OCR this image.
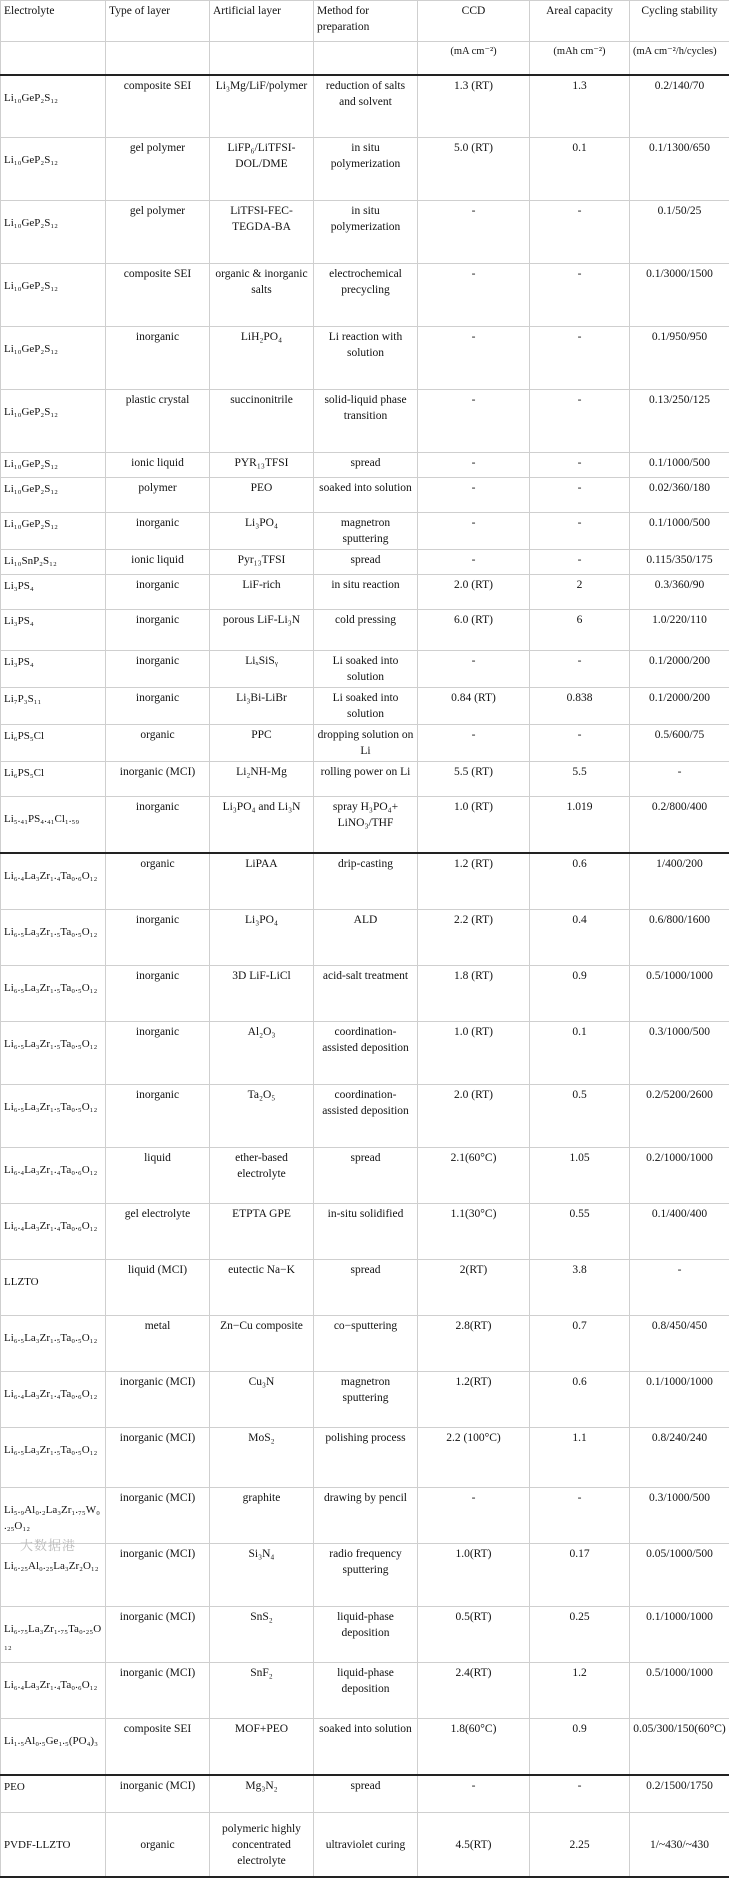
Electrolyte	Type of layer	Artificial layer	Method for preparation	CCD	Areal capacity	Cycling stability
				(mA cm⁻²)	(mAh cm⁻²)	(mA cm⁻²/h/cycles)
Li₁₀GeP₂S₁₂	composite SEI	Li₃Mg/LiF/polymer	reduction of salts and solvent	1.3 (RT)	1.3	0.2/140/70
Li₁₀GeP₂S₁₂	gel polymer	LiFP₆/LiTFSI-DOL/DME	in situ polymerization	5.0 (RT)	0.1	0.1/1300/650
Li₁₀GeP₂S₁₂	gel polymer	LiTFSI-FEC-TEGDA-BA	in situ polymerization	-	-	0.1/50/25
Li₁₀GeP₂S₁₂	composite SEI	organic & inorganic salts	electrochemical precycling	-	-	0.1/3000/1500
Li₁₀GeP₂S₁₂	inorganic	LiH₂PO₄	Li reaction with solution	-	-	0.1/950/950
Li₁₀GeP₂S₁₂	plastic crystal	succinonitrile	solid-liquid phase transition	-	-	0.13/250/125
Li₁₀GeP₂S₁₂	ionic liquid	PYR₁₃TFSI	spread	-	-	0.1/1000/500
Li₁₀GeP₂S₁₂	polymer	PEO	soaked into solution	-	-	0.02/360/180
Li₁₀GeP₂S₁₂	inorganic	Li₃PO₄	magnetron sputtering	-	-	0.1/1000/500
Li₁₀SnP₂S₁₂	ionic liquid	Pyr₁₃TFSI	spread	-	-	0.115/350/175
Li₃PS₄	inorganic	LiF-rich	in situ reaction	2.0 (RT)	2	0.3/360/90
Li₃PS₄	inorganic	porous LiF-Li₃N	cold pressing	6.0 (RT)	6	1.0/220/110
Li₃PS₄	inorganic	LiₓSiSᵧ	Li soaked into solution	-	-	0.1/2000/200
Li₇P₃S₁₁	inorganic	Li₃Bi-LiBr	Li soaked into solution	0.84 (RT)	0.838	0.1/2000/200
Li₆PS₅Cl	organic	PPC	dropping solution on Li	-	-	0.5/600/75
Li₆PS₅Cl	inorganic (MCI)	Li₂NH-Mg	rolling power on Li	5.5 (RT)	5.5	-
Li₅.₄₁PS₄.₄₁Cl₁.₅₉	inorganic	Li₃PO₄ and Li₃N	spray H₃PO₄+ LiNO₃/THF	1.0 (RT)	1.019	0.2/800/400
Li₆.₄La₃Zr₁.₄Ta₀.₆O₁₂	organic	LiPAA	drip-casting	1.2 (RT)	0.6	1/400/200
Li₆.₅La₃Zr₁.₅Ta₀.₅O₁₂	inorganic	Li₃PO₄	ALD	2.2 (RT)	0.4	0.6/800/1600
Li₆.₅La₃Zr₁.₅Ta₀.₅O₁₂	inorganic	3D LiF-LiCl	acid-salt treatment	1.8 (RT)	0.9	0.5/1000/1000
Li₆.₅La₃Zr₁.₅Ta₀.₅O₁₂	inorganic	Al₂O₃	coordination-assisted deposition	1.0 (RT)	0.1	0.3/1000/500
Li₆.₅La₃Zr₁.₅Ta₀.₅O₁₂	inorganic	Ta₂O₅	coordination-assisted deposition	2.0 (RT)	0.5	0.2/5200/2600
Li₆.₄La₃Zr₁.₄Ta₀.₆O₁₂	liquid	ether-based electrolyte	spread	2.1(60°C)	1.05	0.2/1000/1000
Li₆.₄La₃Zr₁.₄Ta₀.₆O₁₂	gel electrolyte	ETPTA GPE	in-situ solidified	1.1(30°C)	0.55	0.1/400/400
LLZTO	liquid (MCI)	eutectic Na−K	spread	2(RT)	3.8	-
Li₆.₅La₃Zr₁.₅Ta₀.₅O₁₂	metal	Zn−Cu composite	co−sputtering	2.8(RT)	0.7	0.8/450/450
Li₆.₄La₃Zr₁.₄Ta₀.₆O₁₂	inorganic (MCI)	Cu₃N	magnetron sputtering	1.2(RT)	0.6	0.1/1000/1000
Li₆.₅La₃Zr₁.₅Ta₀.₅O₁₂	inorganic (MCI)	MoS₂	polishing process	2.2 (100°C)	1.1	0.8/240/240
Li₅.₉Al₀.₂La₃Zr₁.₇₅W₀.₂₅O₁₂	inorganic (MCI)	graphite	drawing by pencil	-	-	0.3/1000/500
Li₆.₂₅Al₀.₂₅La₃Zr₂O₁₂	inorganic (MCI)	Si₃N₄	radio frequency sputtering	1.0(RT)	0.17	0.05/1000/500
Li₆.₇₅La₃Zr₁.₇₅Ta₀.₂₅O₁₂	inorganic (MCI)	SnS₂	liquid-phase deposition	0.5(RT)	0.25	0.1/1000/1000
Li₆.₄La₃Zr₁.₄Ta₀.₆O₁₂	inorganic (MCI)	SnF₂	liquid-phase deposition	2.4(RT)	1.2	0.5/1000/1000
Li₁.₅Al₀.₅Ge₁.₅(PO₄)₃	composite SEI	MOF+PEO	soaked into solution	1.8(60°C)	0.9	0.05/300/150(60°C)
PEO	inorganic (MCI)	Mg₃N₂	spread	-	-	0.2/1500/1750
PVDF-LLZTO	organic	polymeric highly concentrated electrolyte	ultraviolet curing	4.5(RT)	2.25	1/~430/~430
大数据港
